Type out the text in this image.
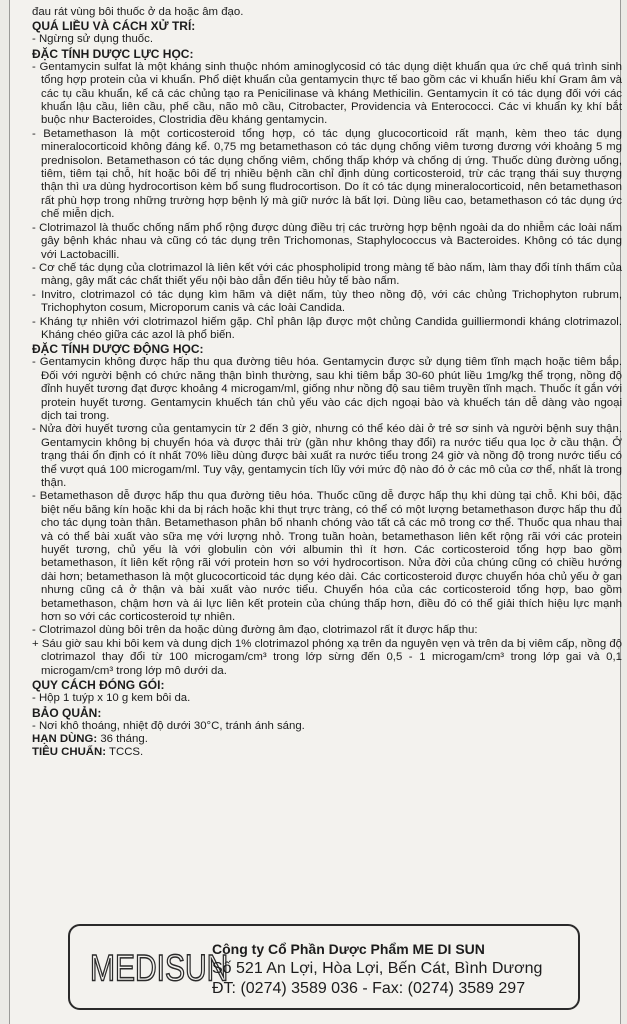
đau rát vùng bôi thuốc ở da hoặc âm đạo.

QUÁ LIỀU VÀ CÁCH XỬ TRÍ:

- Ngừng sử dụng thuốc.

ĐẶC TÍNH DƯỢC LỰC HỌC:

- Gentamycin sulfat là một kháng sinh thuộc nhóm aminoglycosid có tác dụng diệt khuẩn qua ức chế quá trình sinh tổng hợp protein của vi khuẩn. Phổ diệt khuẩn của gentamycin thực tế bao gồm các vi khuẩn hiếu khí Gram âm và các tụ cầu khuẩn, kể cả các chủng tạo ra Penicilinase và kháng Methicilin. Gentamycin ít có tác dụng đối với các khuẩn lậu cầu, liên cầu, phế cầu, não mô cầu, Citrobacter, Providencia và Enterococci. Các vi khuẩn kỵ khí bắt buộc như Bacteroides, Clostridia đều kháng gentamycin.

- Betamethason là một corticosteroid tổng hợp, có tác dụng glucocorticoid rất mạnh, kèm theo tác dụng mineralocorticoid không đáng kể. 0,75 mg betamethason có tác dụng chống viêm tương đương với khoảng 5 mg prednisolon. Betamethason có tác dụng chống viêm, chống thấp khớp và chống dị ứng. Thuốc dùng đường uống, tiêm, tiêm tại chỗ, hít hoặc bôi để trị nhiều bệnh cần chỉ định dùng corticosteroid, trừ các trạng thái suy thượng thận thì ưa dùng hydrocortison kèm bổ sung fludrocortison. Do ít có tác dụng mineralocorticoid, nên betamethason rất phù hợp trong những trường hợp bệnh lý mà giữ nước là bất lợi. Dùng liều cao, betamethason có tác dụng ức chế miễn dịch.

- Clotrimazol là thuốc chống nấm phổ rộng được dùng điều trị các trường hợp bệnh ngoài da do nhiễm các loài nấm gây bệnh khác nhau và cũng có tác dụng trên Trichomonas, Staphylococcus và Bacteroides. Không có tác dụng với Lactobacilli.

- Cơ chế tác dụng của clotrimazol là liên kết với các phospholipid trong màng tế bào nấm, làm thay đổi tính thấm của màng, gây mất các chất thiết yếu nội bào dẫn đến tiêu hủy tế bào nấm.

- Invitro, clotrimazol có tác dụng kìm hãm và diệt nấm, tùy theo nồng độ, với các chủng Trichophyton rubrum, Trichophyton cosum, Microporum canis và các loài Candida.

- Kháng tự nhiên với clotrimazol hiếm gặp. Chỉ phân lập được một chủng Candida guilliermondi kháng clotrimazol. Kháng chéo giữa các azol là phổ biến.

ĐẶC TÍNH DƯỢC ĐỘNG HỌC:

- Gentamycin không được hấp thu qua đường tiêu hóa. Gentamycin được sử dụng tiêm tĩnh mạch hoặc tiêm bắp. Đối với người bệnh có chức năng thận bình thường, sau khi tiêm bắp 30-60 phút liều 1mg/kg thể trọng, nồng độ đỉnh huyết tương đạt được khoảng 4 microgam/ml, giống như nồng độ sau tiêm truyền tĩnh mạch. Thuốc ít gắn với protein huyết tương. Gentamycin khuếch tán chủ yếu vào các dịch ngoại bào và khuếch tán dễ dàng vào ngoại dịch tai trong.

- Nửa đời huyết tương của gentamycin từ 2 đến 3 giờ, nhưng có thể kéo dài ở trẻ sơ sinh và người bệnh suy thận. Gentamycin không bị chuyển hóa và được thải trừ (gần như không thay đổi) ra nước tiểu qua lọc ở cầu thận. Ở trạng thái ổn định có ít nhất 70% liều dùng được bài xuất ra nước tiểu trong 24 giờ và nồng độ trong nước tiểu có thể vượt quá 100 microgam/ml. Tuy vậy, gentamycin tích lũy với mức độ nào đó ở các mô của cơ thể, nhất là trong thận.

- Betamethason dễ được hấp thu qua đường tiêu hóa. Thuốc cũng dễ được hấp thụ khi dùng tại chỗ. Khi bôi, đặc biệt nếu băng kín hoặc khi da bị rách hoặc khi thụt trực tràng, có thể có một lượng betamethason được hấp thu đủ cho tác dụng toàn thân. Betamethason phân bố nhanh chóng vào tất cả các mô trong cơ thể. Thuốc qua nhau thai và có thể bài xuất vào sữa mẹ với lượng nhỏ. Trong tuần hoàn, betamethason liên kết rộng rãi với các protein huyết tương, chủ yếu là với globulin còn với albumin thì ít hơn. Các corticosteroid tổng hợp bao gồm betamethason, ít liên kết rộng rãi với protein hơn so với hydrocortison. Nửa đời của chúng cũng có chiều hướng dài hơn; betamethason là một glucocorticoid tác dụng kéo dài. Các corticosteroid được chuyển hóa chủ yếu ở gan nhưng cũng cả ở thận và bài xuất vào nước tiểu. Chuyển hóa của các corticosteroid tổng hợp, bao gồm betamethason, chậm hơn và ái lực liên kết protein của chúng thấp hơn, điều đó có thể giải thích hiệu lực mạnh hơn so với các corticosteroid tự nhiên.

- Clotrimazol dùng bôi trên da hoặc dùng đường âm đạo, clotrimazol rất ít được hấp thu:

+ Sáu giờ sau khi bôi kem và dung dịch 1% clotrimazol phóng xạ trên da nguyên vẹn và trên da bị viêm cấp, nồng độ clotrimazol thay đổi từ 100 microgam/cm³ trong lớp sừng đến 0,5 - 1 microgam/cm³ trong lớp gai và 0,1 microgam/cm³ trong lớp mô dưới da.

QUY CÁCH ĐÓNG GÓI:

- Hộp 1 tuýp x 10 g kem bôi da.

BẢO QUẢN:

- Nơi khô thoáng, nhiệt độ dưới 30°C, tránh ánh sáng.

HẠN DÙNG: 36 tháng.

TIÊU CHUẨN: TCCS.

MEDISUN
Công ty Cổ Phần Dược Phẩm ME DI SUN
Số 521 An Lợi, Hòa Lợi, Bến Cát, Bình Dương
ĐT: (0274) 3589 036 - Fax: (0274) 3589 297
